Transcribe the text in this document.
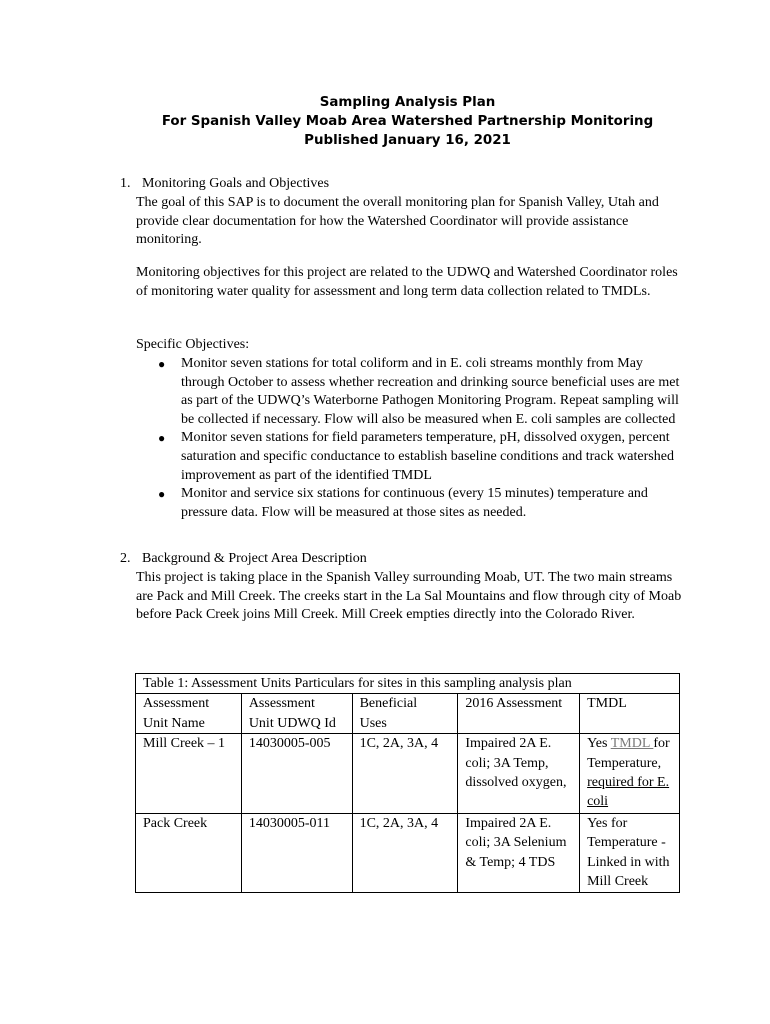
Sampling Analysis Plan
For Spanish Valley Moab Area Watershed Partnership Monitoring
Published January 16, 2021
1. Monitoring Goals and Objectives
The goal of this SAP is to document the overall monitoring plan for Spanish Valley, Utah and provide clear documentation for how the Watershed Coordinator will provide assistance monitoring.
Monitoring objectives for this project are related to the UDWQ and Watershed Coordinator roles of monitoring water quality for assessment and long term data collection related to TMDLs.
Specific Objectives:
● Monitor seven stations for total coliform and in E. coli streams monthly from May through October to assess whether recreation and drinking source beneficial uses are met as part of the UDWQ’s Waterborne Pathogen Monitoring Program. Repeat sampling will be collected if necessary. Flow will also be measured when E. coli samples are collected
● Monitor seven stations for field parameters temperature, pH, dissolved oxygen, percent saturation and specific conductance to establish baseline conditions and track watershed improvement as part of the identified TMDL
● Monitor and service six stations for continuous (every 15 minutes) temperature and pressure data. Flow will be measured at those sites as needed.
2. Background & Project Area Description
This project is taking place in the Spanish Valley surrounding Moab, UT. The two main streams are Pack and Mill Creek. The creeks start in the La Sal Mountains and flow through city of Moab before Pack Creek joins Mill Creek. Mill Creek empties directly into the Colorado River.
Table 1: Assessment Units Particulars for sites in this sampling analysis plan				
Assessment	Assessment	Beneficial	2016 Assessment	TMDL
Unit Name	Unit UDWQ Id	Uses		
Mill Creek – 1	14030005-005	1C, 2A, 3A, 4	Impaired 2A E. coli; 3A Temp, dissolved oxygen,	Yes TMDL for Temperature, required for E. coli
Pack Creek	14030005-011	1C, 2A, 3A, 4	Impaired 2A E. coli; 3A Selenium & Temp; 4 TDS	Yes for Temperature -Linked in with Mill Creek
